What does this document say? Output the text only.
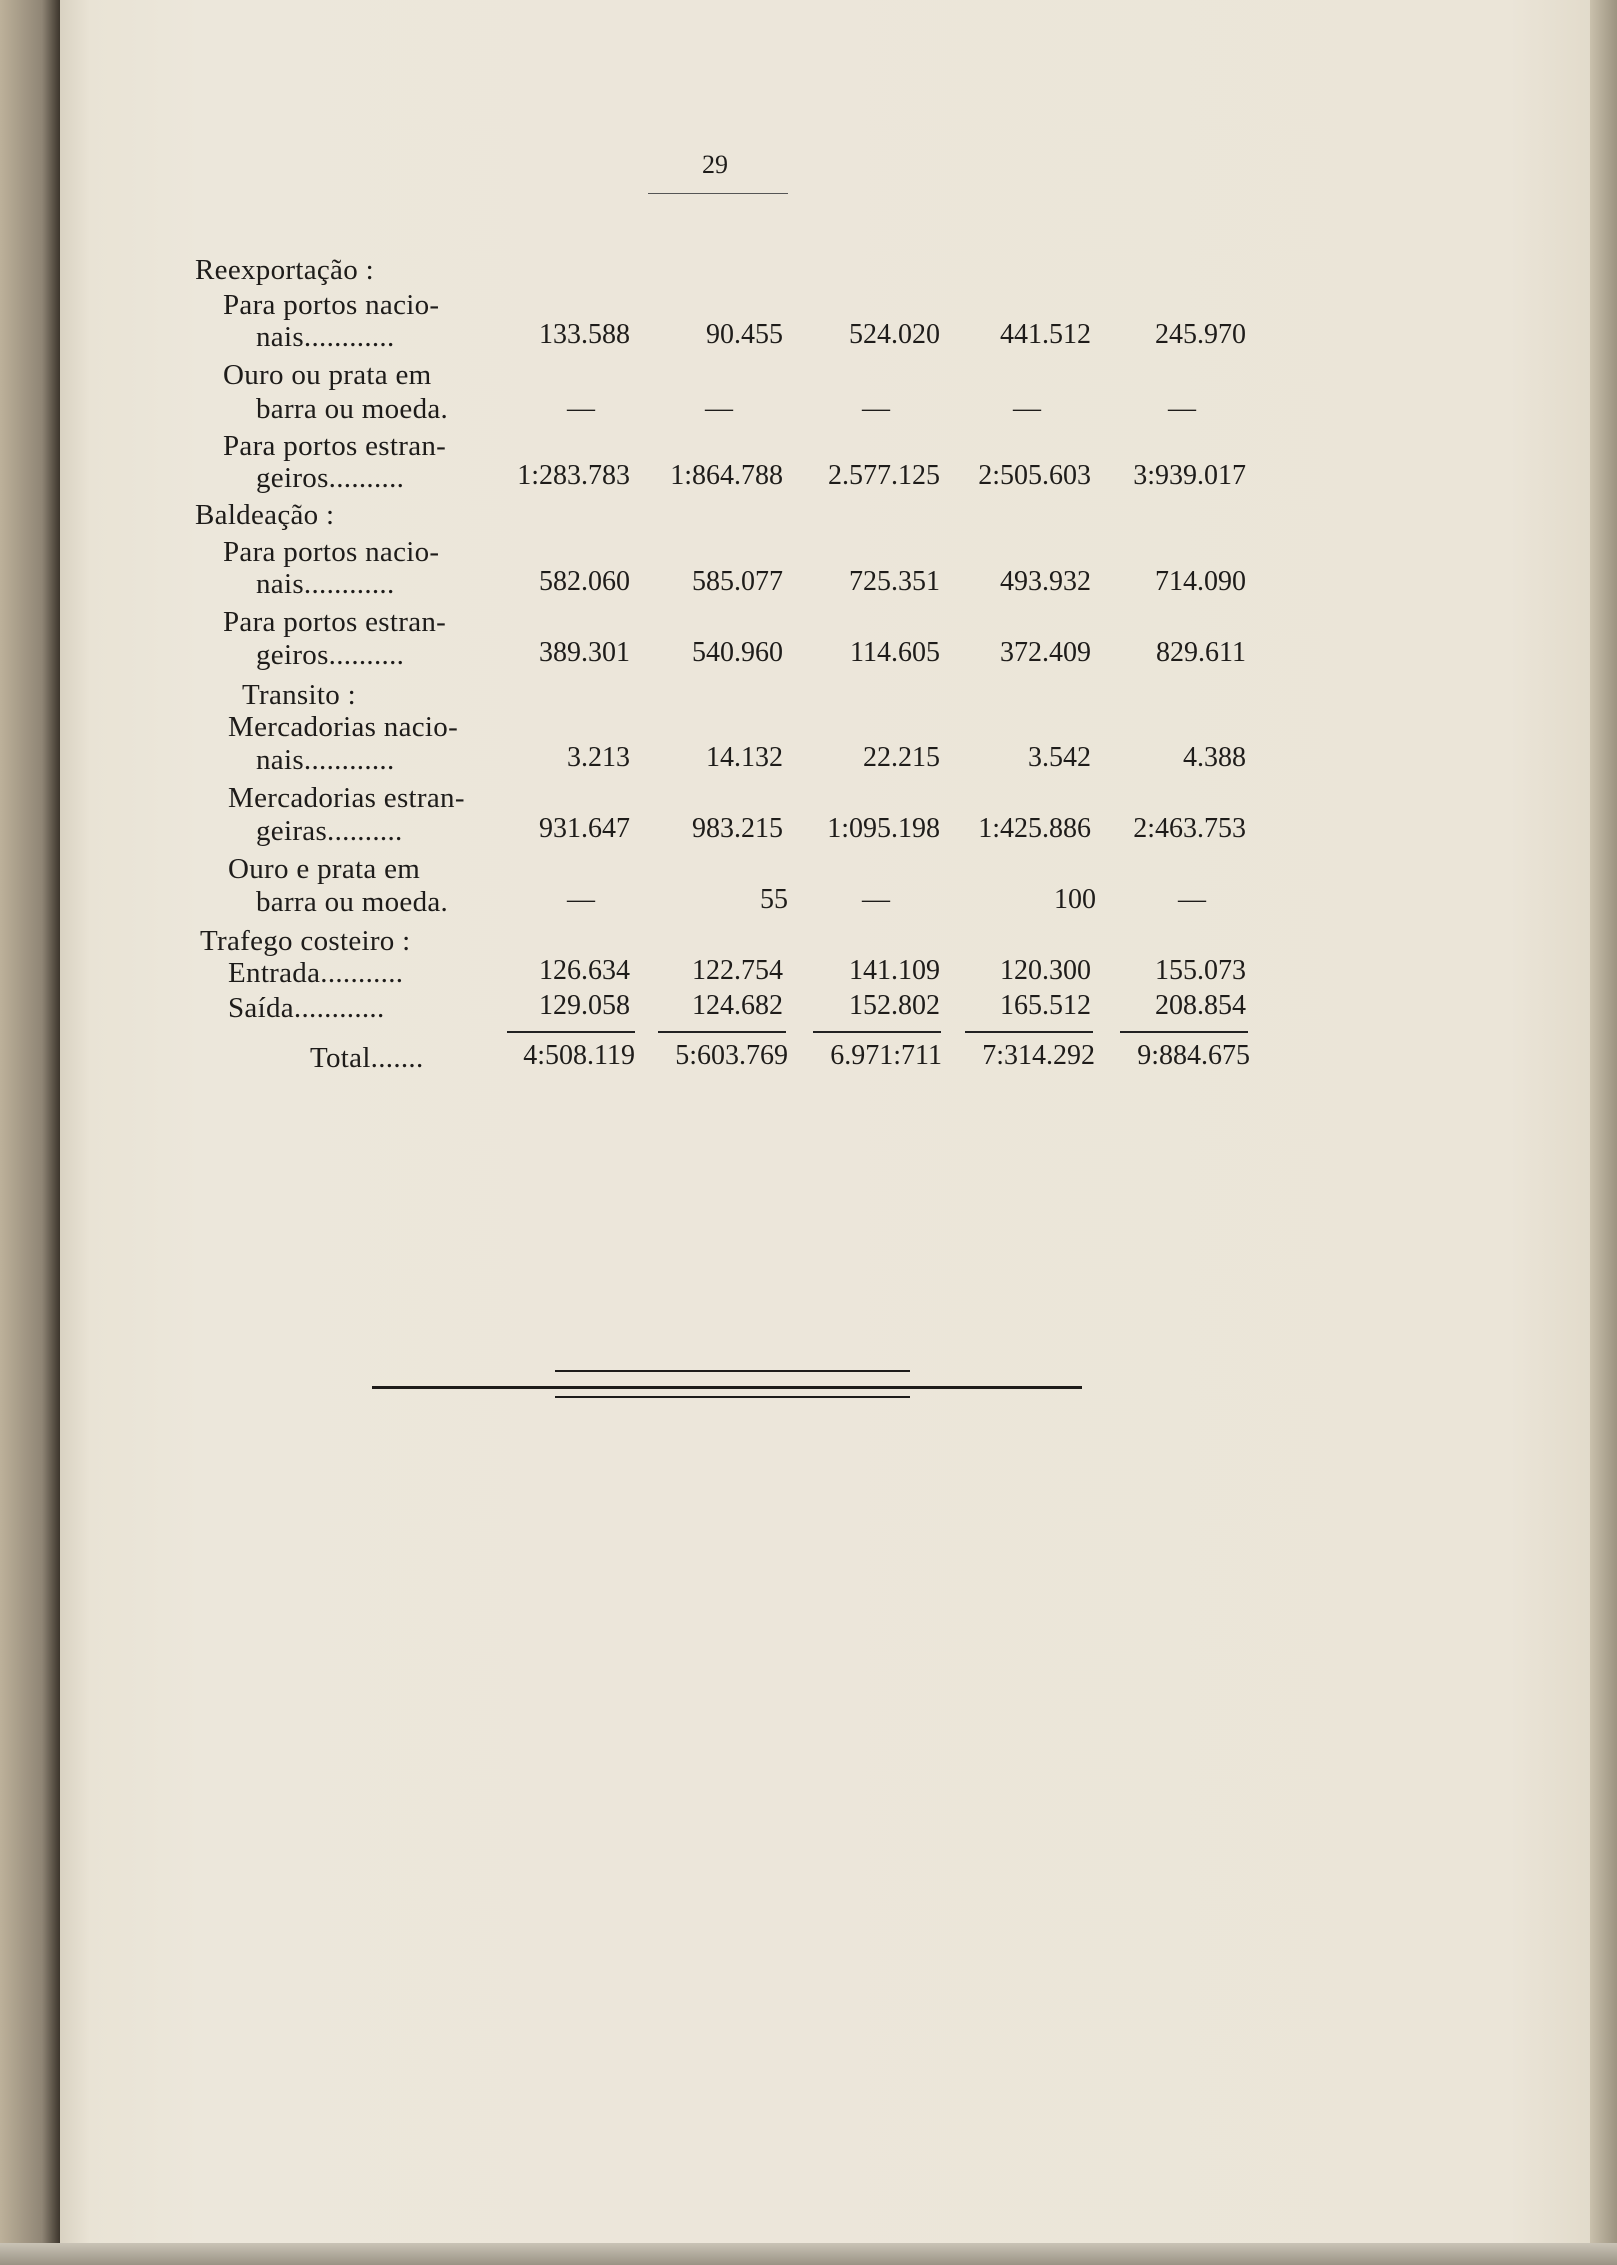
29
Reexportação :
Baldeação :
Transito :
Trafego costeiro :
Para portos nacio-
nais............	133.588	90.455	524.020	441.512	245.970
Ouro ou prata em
barra ou moeda.	—	—	—	—	—
Para portos estran-
geiros..........	1:283.783	1:864.788	2.577.125	2:505.603	3:939.017
Para portos nacio-
nais............	582.060	585.077	725.351	493.932	714.090
Para portos estran-
geiros..........	389.301	540.960	114.605	372.409	829.611
Mercadorias nacio-
nais............	3.213	14.132	22.215	3.542	4.388
Mercadorias estran-
geiras..........	931.647	983.215	1:095.198	1:425.886	2:463.753
Ouro e prata em
barra ou moeda.	—	55	—	100	—
Entrada...........	126.634	122.754	141.109	120.300	155.073
Saída............	129.058	124.682	152.802	165.512	208.854
Total.......	4:508.119	5:603.769	6.971:711	7:314.292	9:884.675
